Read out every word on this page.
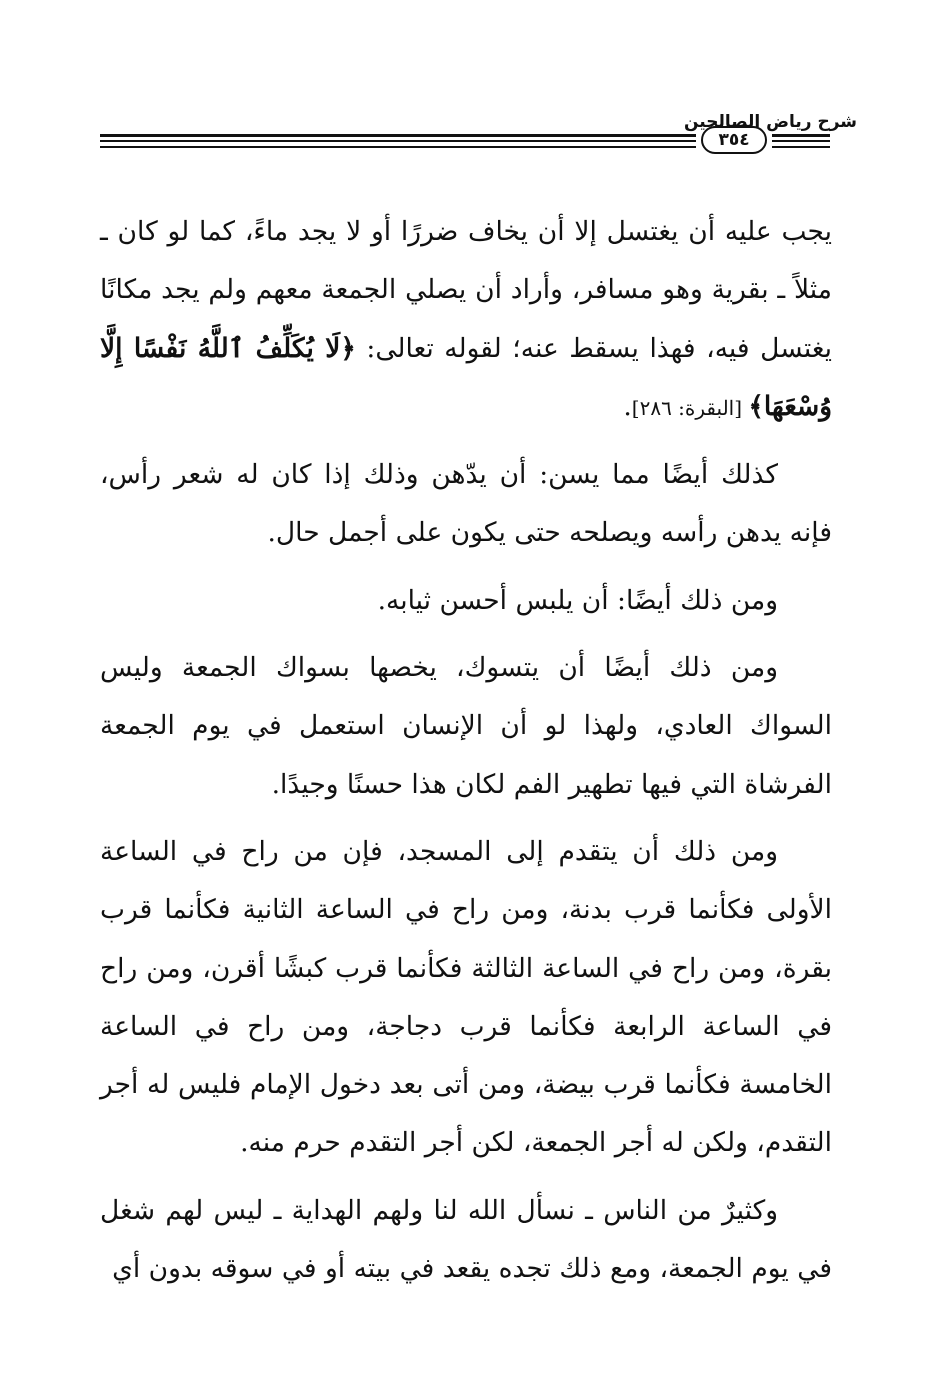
شرح رياض الصالحين
٣٥٤

يجب عليه أن يغتسل إلا أن يخاف ضررًا أو لا يجد ماءً، كما لو كان ـ مثلاً ـ بقرية وهو مسافر، وأراد أن يصلي الجمعة معهم ولم يجد مكانًا يغتسل فيه، فهذا يسقط عنه؛ لقوله تعالى: ﴿لَا يُكَلِّفُ ٱللَّهُ نَفْسًا إِلَّا وُسْعَهَا﴾ [البقرة: ٢٨٦].

كذلك أيضًا مما يسن: أن يدّهن وذلك إذا كان له شعر رأس، فإنه يدهن رأسه ويصلحه حتى يكون على أجمل حال.

ومن ذلك أيضًا: أن يلبس أحسن ثيابه.

ومن ذلك أيضًا أن يتسوك، يخصها بسواك الجمعة وليس السواك العادي، ولهذا لو أن الإنسان استعمل في يوم الجمعة الفرشاة التي فيها تطهير الفم لكان هذا حسنًا وجيدًا.

ومن ذلك أن يتقدم إلى المسجد، فإن من راح في الساعة الأولى فكأنما قرب بدنة، ومن راح في الساعة الثانية فكأنما قرب بقرة، ومن راح في الساعة الثالثة فكأنما قرب كبشًا أقرن، ومن راح في الساعة الرابعة فكأنما قرب دجاجة، ومن راح في الساعة الخامسة فكأنما قرب بيضة، ومن أتى بعد دخول الإمام فليس له أجر التقدم، ولكن له أجر الجمعة، لكن أجر التقدم حرم منه.

وكثيرٌ من الناس ـ نسأل الله لنا ولهم الهداية ـ ليس لهم شغل في يوم الجمعة، ومع ذلك تجده يقعد في بيته أو في سوقه بدون أي
